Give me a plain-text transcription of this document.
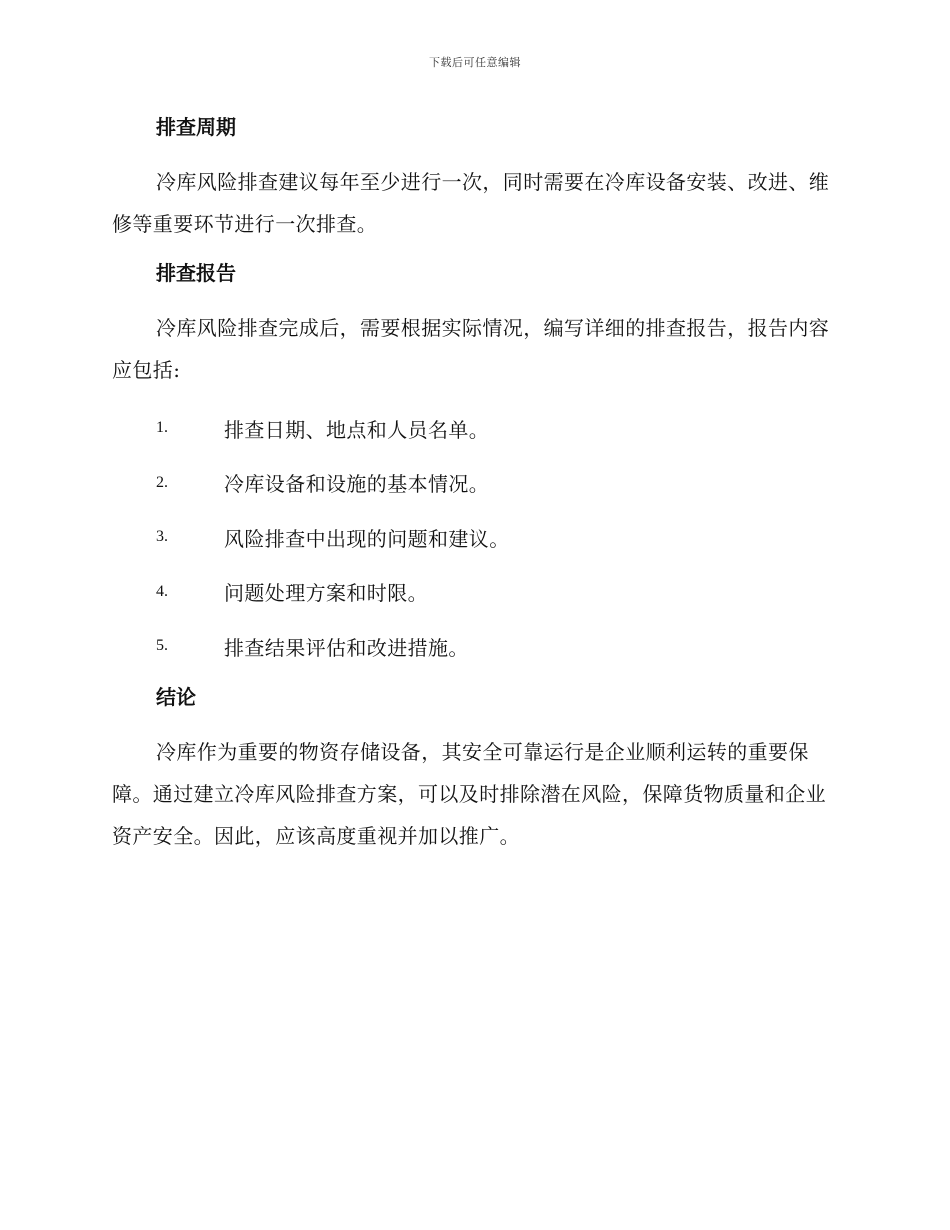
下载后可任意编辑
排查周期

冷库风险排查建议每年至少进行一次，同时需要在冷库设备安装、改进、维修等重要环节进行一次排查。

排查报告

冷库风险排查完成后，需要根据实际情况，编写详细的排查报告，报告内容应包括:

1.	排查日期、地点和人员名单。
2.	冷库设备和设施的基本情况。
3.	风险排查中出现的问题和建议。
4.	问题处理方案和时限。
5.	排查结果评估和改进措施。
结论

冷库作为重要的物资存储设备，其安全可靠运行是企业顺利运转的重要保障。通过建立冷库风险排查方案，可以及时排除潜在风险，保障货物质量和企业资产安全。因此，应该高度重视并加以推广。
